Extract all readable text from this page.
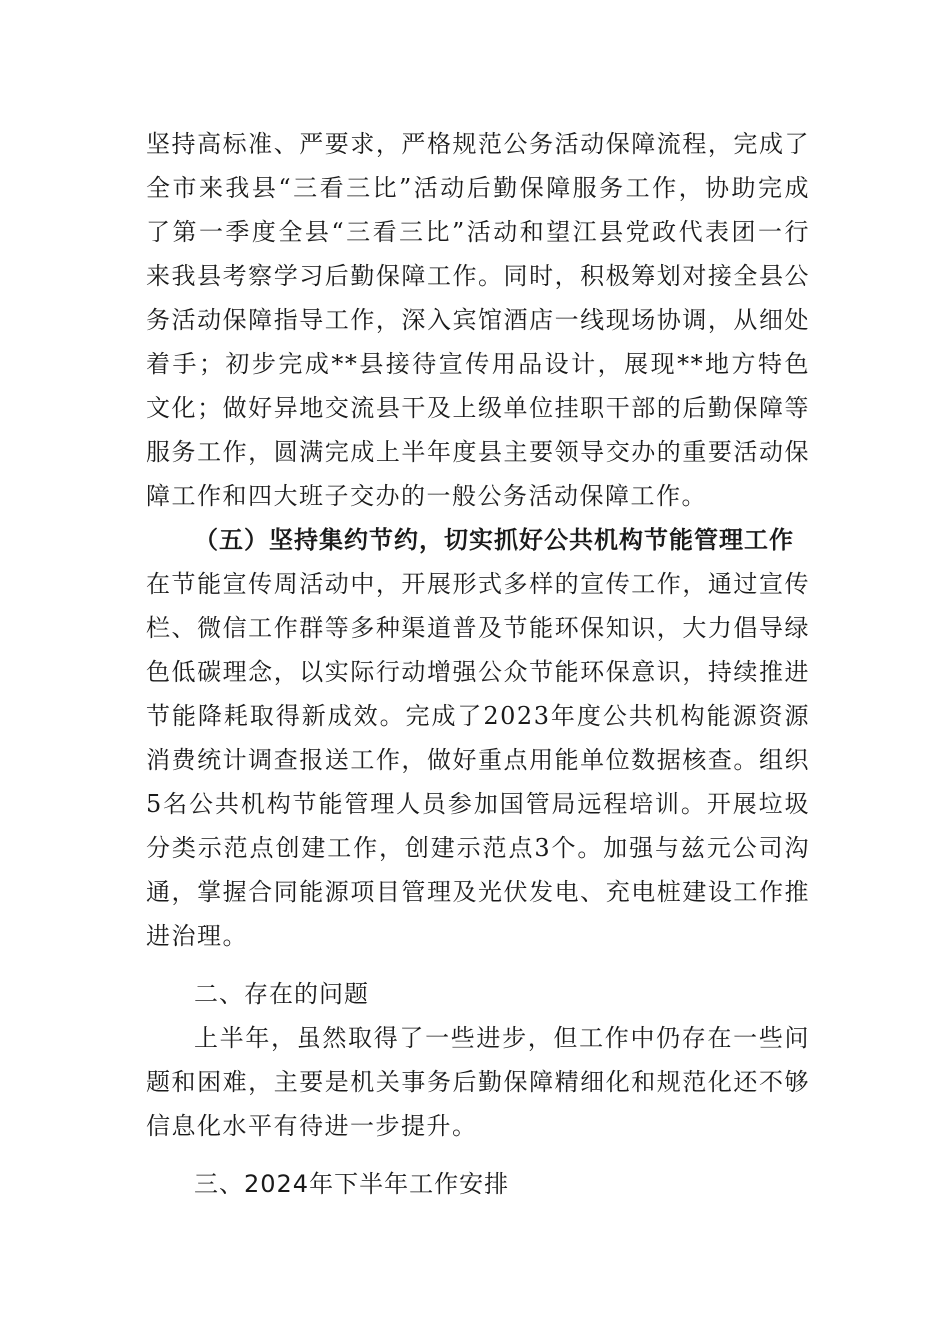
坚持高标准、严要求，严格规范公务活动保障流程，完成了全市来我县“三看三比”活动后勤保障服务工作，协助完成了第一季度全县“三看三比”活动和望江县党政代表团一行来我县考察学习后勤保障工作。同时，积极筹划对接全县公务活动保障指导工作，深入宾馆酒店一线现场协调，从细处着手；初步完成**县接待宣传用品设计，展现**地方特色文化；做好异地交流县干及上级单位挂职干部的后勤保障等服务工作，圆满完成上半年度县主要领导交办的重要活动保障工作和四大班子交办的一般公务活动保障工作。

（五）坚持集约节约，切实抓好公共机构节能管理工作

在节能宣传周活动中，开展形式多样的宣传工作，通过宣传栏、微信工作群等多种渠道普及节能环保知识，大力倡导绿色低碳理念，以实际行动增强公众节能环保意识，持续推进节能降耗取得新成效。完成了2023年度公共机构能源资源消费统计调查报送工作，做好重点用能单位数据核查。组织5名公共机构节能管理人员参加国管局远程培训。开展垃圾分类示范点创建工作，创建示范点3个。加强与兹元公司沟通，掌握合同能源项目管理及光伏发电、充电桩建设工作推进治理。

二、存在的问题

上半年，虽然取得了一些进步，但工作中仍存在一些问题和困难，主要是机关事务后勤保障精细化和规范化还不够信息化水平有待进一步提升。

三、2024年下半年工作安排
